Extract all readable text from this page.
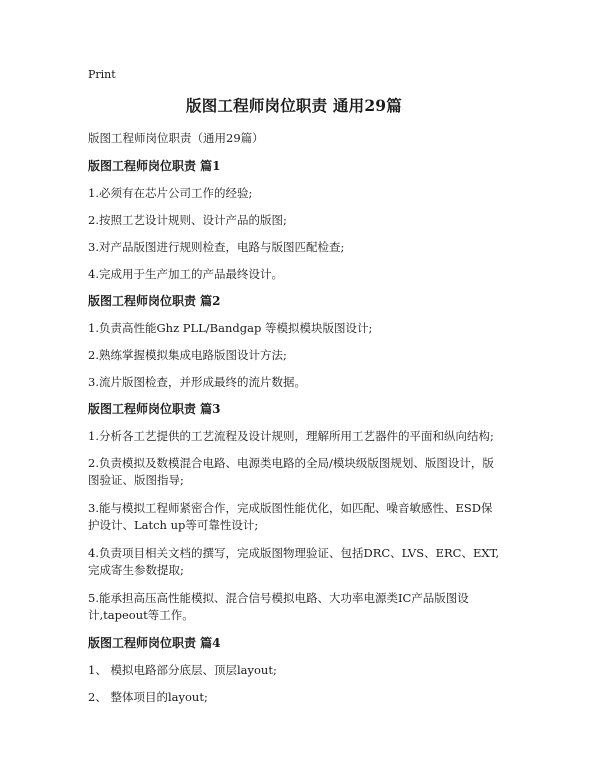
Print
版图工程师岗位职责 通用29篇
版图工程师岗位职责（通用29篇）
版图工程师岗位职责 篇1
1.必须有在芯片公司工作的经验;
2.按照工艺设计规则、设计产品的版图;
3.对产品版图进行规则检查，电路与版图匹配检查;
4.完成用于生产加工的产品最终设计。
版图工程师岗位职责 篇2
1.负责高性能Ghz PLL/Bandgap 等模拟模块版图设计;
2.熟练掌握模拟集成电路版图设计方法;
3.流片版图检查，并形成最终的流片数据。
版图工程师岗位职责 篇3
1.分析各工艺提供的工艺流程及设计规则，理解所用工艺器件的平面和纵向结构;
2.负责模拟及数模混合电路、电源类电路的全局/模块级版图规划、版图设计，版图验证、版图指导;
3.能与模拟工程师紧密合作，完成版图性能优化，如匹配、噪音敏感性、ESD保护设计、Latch up等可靠性设计;
4.负责项目相关文档的撰写，完成版图物理验证、包括DRC、LVS、ERC、EXT,完成寄生参数提取;
5.能承担高压高性能模拟、混合信号模拟电路、大功率电源类IC产品版图设计,tapeout等工作。
版图工程师岗位职责 篇4
1、 模拟电路部分底层、顶层layout;
2、 整体项目的layout;
